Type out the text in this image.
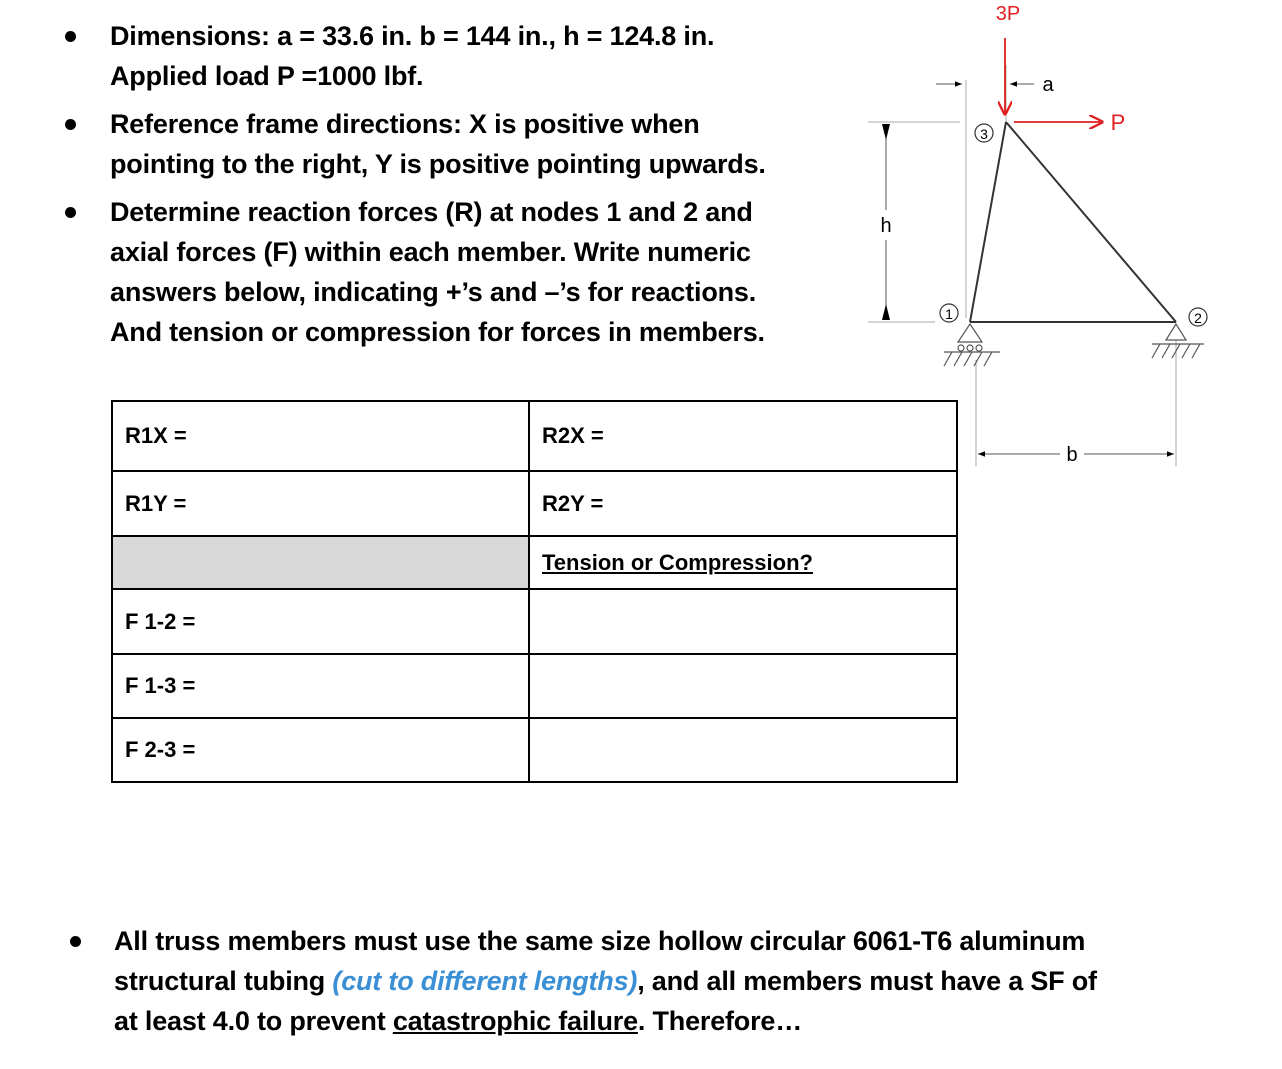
Dimensions: a = 33.6 in. b = 144 in., h = 124.8 in.
Applied load P =1000 lbf.
Reference frame directions: X is positive when
pointing to the right, Y is positive pointing upwards.
Determine reaction forces (R) at nodes 1 and 2 and
axial forces (F) within each member. Write numeric
answers below, indicating +’s and –’s for reactions.
And tension or compression for forces in members.
R1X =	R2X =
R1Y =	R2Y =
	Tension or Compression?
F 1-2 =	
F 1-3 =	
F 2-3 =	
All truss members must use the same size hollow circular 6061-T6 aluminum
structural tubing (cut to different lengths), and all members must have a SF of
at least 4.0 to prevent catastrophic failure. Therefore…
h
a
b
3P
P
3
1	2
